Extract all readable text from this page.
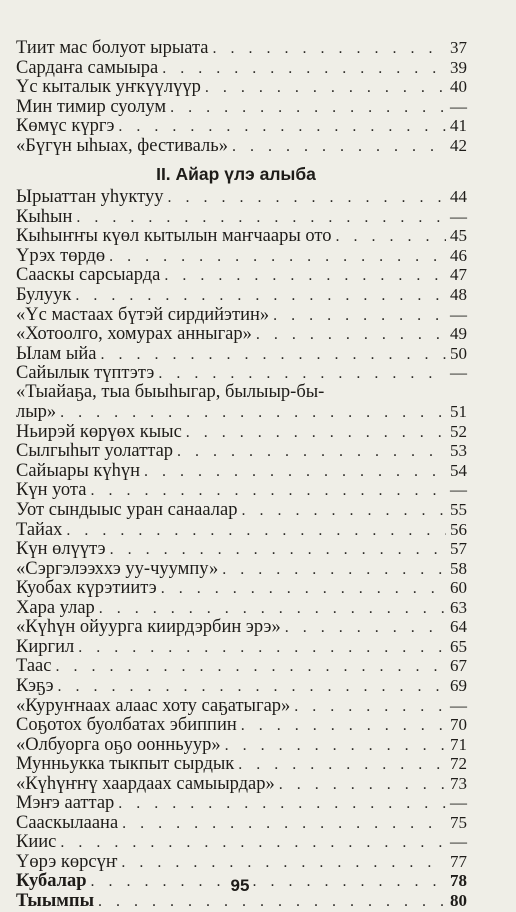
Тиит мас болуот ырыата . . .	37
Сардаҥа самыыра . . .	39
Үс кыталык уҥкүүлүүр . . .	40
Мин тимир суолум . . .	—
Көмүс күргэ . . .	41
«Бүгүн ыһыах, фестиваль» . . .	42
II. Айар үлэ алыба
Ырыаттан уһуктуу . . .	44
Кыһын . . .	—
Кыһыҥҥы күөл кытылын маҥчаары ото . . .	45
Үрэх төрдө . . .	46
Сааскы сарсыарда . . .	47
Булуук . . .	48
«Үс мастаах бүтэй сирдийэтин» . . .	—
«Хотоолго, хомурах анныгар» . . .	49
Ылам ыйа . . .	50
Сайылык түптэтэ . . .	—
«Тыайаҕа, тыа быыһыгар, былыыр-бы-
лыр» . . .	51
Ньирэй көрүөх кыыс . . .	52
Сылгыһыт уолаттар . . .	53
Сайыары күһүн . . .	54
Күн уота . . .	—
Уот сындыыс уран санаалар . . .	55
Тайах . . .	56
Күн өлүүтэ . . .	57
«Сэргэлээххэ уу-чуумпу» . . .	58
Куобах күрэтиитэ . . .	60
Хара улар . . .	63
«Күһүн ойуурга киирдэрбин эрэ» . . .	64
Киргил . . .	65
Таас . . .	67
Кэҕэ . . .	69
«Куруҥнаах алаас хоту саҕатыгар» . . .	—
Соҕотох буолбатах эбиппин . . .	70
«Олбуорга оҕо оонньуур» . . .	71
Мунньукка тыкпыт сырдык . . .	72
«Күһүҥҥү хаардаах самыырдар» . . .	73
Мэҥэ ааттар . . .	—
Сааскылаана . . .	75
Киис . . .	—
Үөрэ көрсүҥ . . .	77
Кубалар . . .	78
Тыымпы . . .	80
95
